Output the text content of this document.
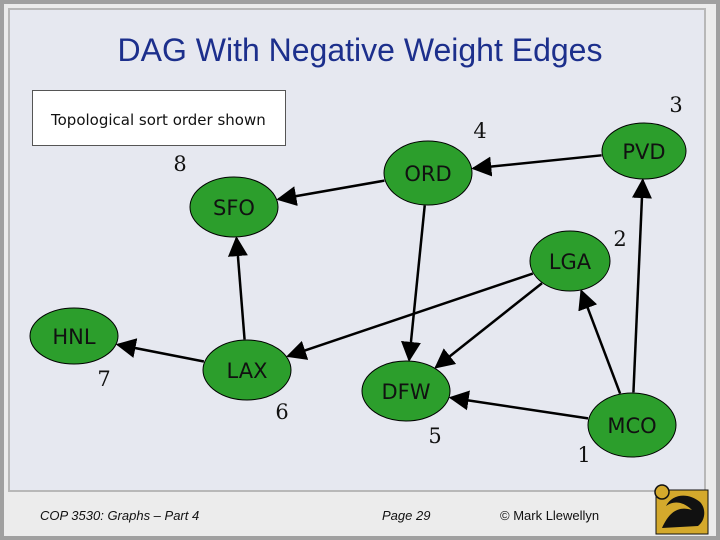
DAG With Negative Weight Edges
Topological sort order shown
PVD
ORD
SFO
LGA
HNL
LAX
DFW
MCO
3
4
8
2
7
6
5
1
COP 3530: Graphs – Part 4	Page 29	© Mark Llewellyn
